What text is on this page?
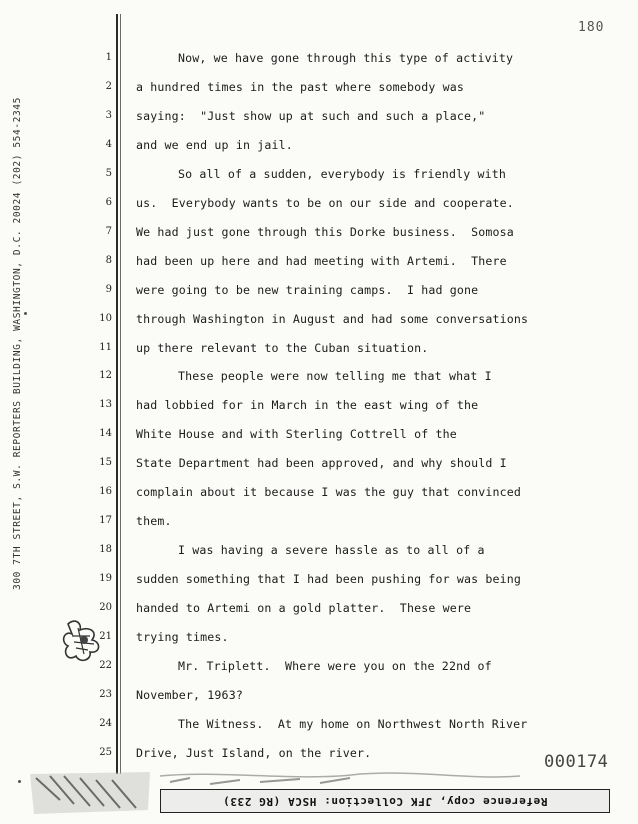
180
300 7TH STREET, S.W. REPORTERS BUILDING, WASHINGTON, D.C. 20024 (202) 554-2345
1	Now, we have gone through this type of activity
2 a hundred times in the past where somebody was
3 saying:  "Just show up at such and such a place,"
4 and we end up in jail.
5	So all of a sudden, everybody is friendly with
6 us.  Everybody wants to be on our side and cooperate.
7 We had just gone through this Dorke business.  Somosa
8 had been up here and had meeting with Artemi.  There
9 were going to be new training camps.  I had gone
10 through Washington in August and had some conversations
11 up there relevant to the Cuban situation.
12	These people were now telling me that what I
13 had lobbied for in March in the east wing of the
14 White House and with Sterling Cottrell of the
15 State Department had been approved, and why should I
16 complain about it because I was the guy that convinced
17 them.
18	I was having a severe hassle as to all of a
19 sudden something that I had been pushing for was being
20 handed to Artemi on a gold platter.  These were
21 trying times.
22	Mr. Triplett.  Where were you on the 22nd of
23 November, 1963?
24	The Witness.  At my home on Northwest North River
25 Drive, Just Island, on the river.	000174
Reference copy, JFK Collection: HSCA (RG 233)
